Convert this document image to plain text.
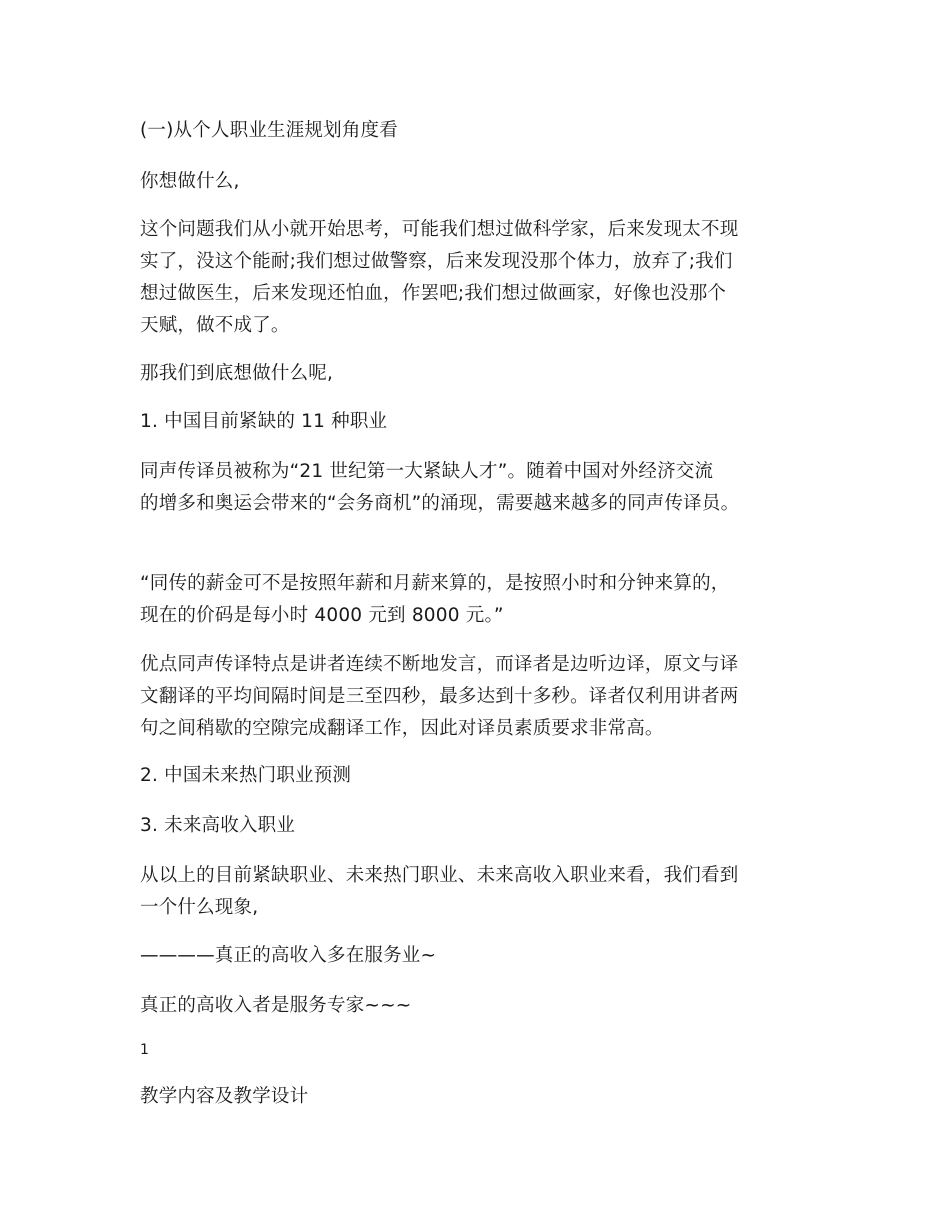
(一)从个人职业生涯规划角度看
你想做什么,
这个问题我们从小就开始思考，可能我们想过做科学家，后来发现太不现
实了，没这个能耐;我们想过做警察，后来发现没那个体力，放弃了;我们
想过做医生，后来发现还怕血，作罢吧;我们想过做画家，好像也没那个
天赋，做不成了。
那我们到底想做什么呢,
1. 中国目前紧缺的 11 种职业
同声传译员被称为“21 世纪第一大紧缺人才”。随着中国对外经济交流
的增多和奥运会带来的“会务商机”的涌现，需要越来越多的同声传译员。
“同传的薪金可不是按照年薪和月薪来算的，是按照小时和分钟来算的，
现在的价码是每小时 4000 元到 8000 元。”
优点同声传译特点是讲者连续不断地发言，而译者是边听边译，原文与译
文翻译的平均间隔时间是三至四秒，最多达到十多秒。译者仅利用讲者两
句之间稍歇的空隙完成翻译工作，因此对译员素质要求非常高。
2. 中国未来热门职业预测
3. 未来高收入职业
从以上的目前紧缺职业、未来热门职业、未来高收入职业来看，我们看到
一个什么现象,
————真正的高收入多在服务业~
真正的高收入者是服务专家~~~
1
教学内容及教学设计
